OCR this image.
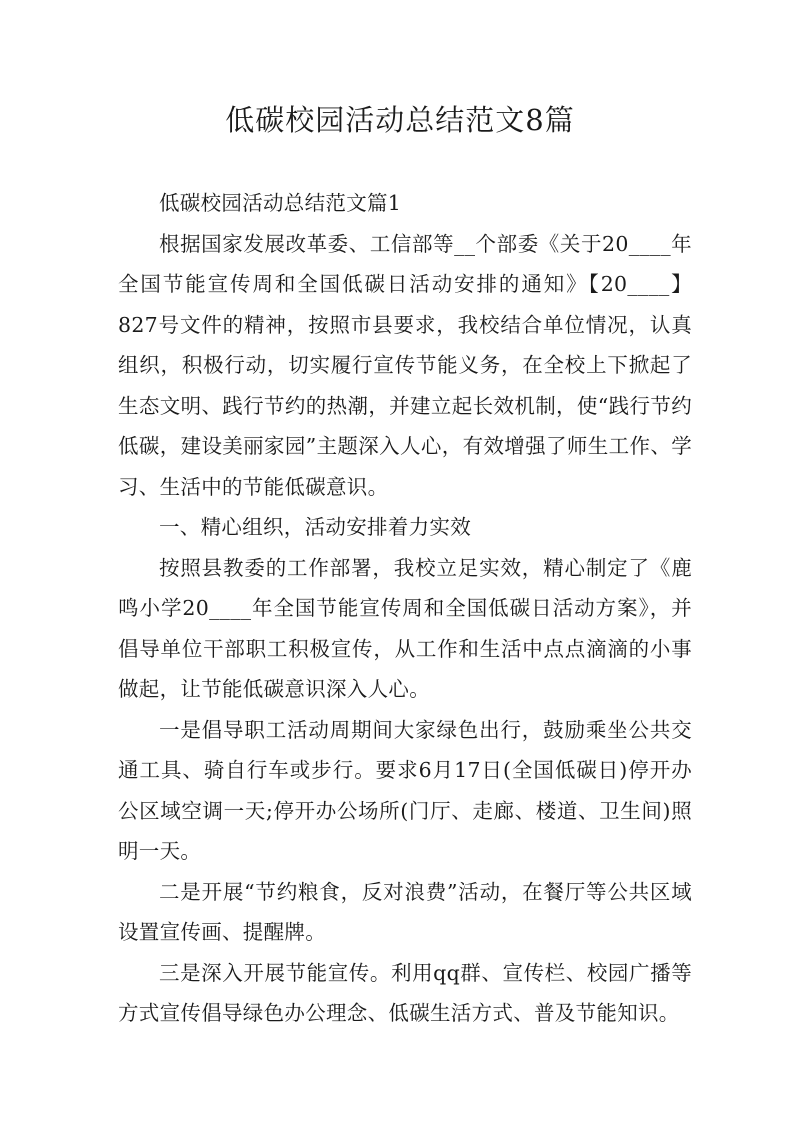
低碳校园活动总结范文8篇

低碳校园活动总结范文篇1

根据国家发展改革委、工信部等__个部委《关于20____年全国节能宣传周和全国低碳日活动安排的通知》【20____】827号文件的精神，按照市县要求，我校结合单位情况，认真组织，积极行动，切实履行宣传节能义务，在全校上下掀起了生态文明、践行节约的热潮，并建立起长效机制，使“践行节约低碳，建设美丽家园”主题深入人心，有效增强了师生工作、学习、生活中的节能低碳意识。

一、精心组织，活动安排着力实效

按照县教委的工作部署，我校立足实效，精心制定了《鹿鸣小学20____年全国节能宣传周和全国低碳日活动方案》，并倡导单位干部职工积极宣传，从工作和生活中点点滴滴的小事做起，让节能低碳意识深入人心。

一是倡导职工活动周期间大家绿色出行，鼓励乘坐公共交通工具、骑自行车或步行。要求6月17日(全国低碳日)停开办公区域空调一天;停开办公场所(门厅、走廊、楼道、卫生间)照明一天。

二是开展“节约粮食，反对浪费”活动，在餐厅等公共区域设置宣传画、提醒牌。

三是深入开展节能宣传。利用qq群、宣传栏、校园广播等方式宣传倡导绿色办公理念、低碳生活方式、普及节能知识。
